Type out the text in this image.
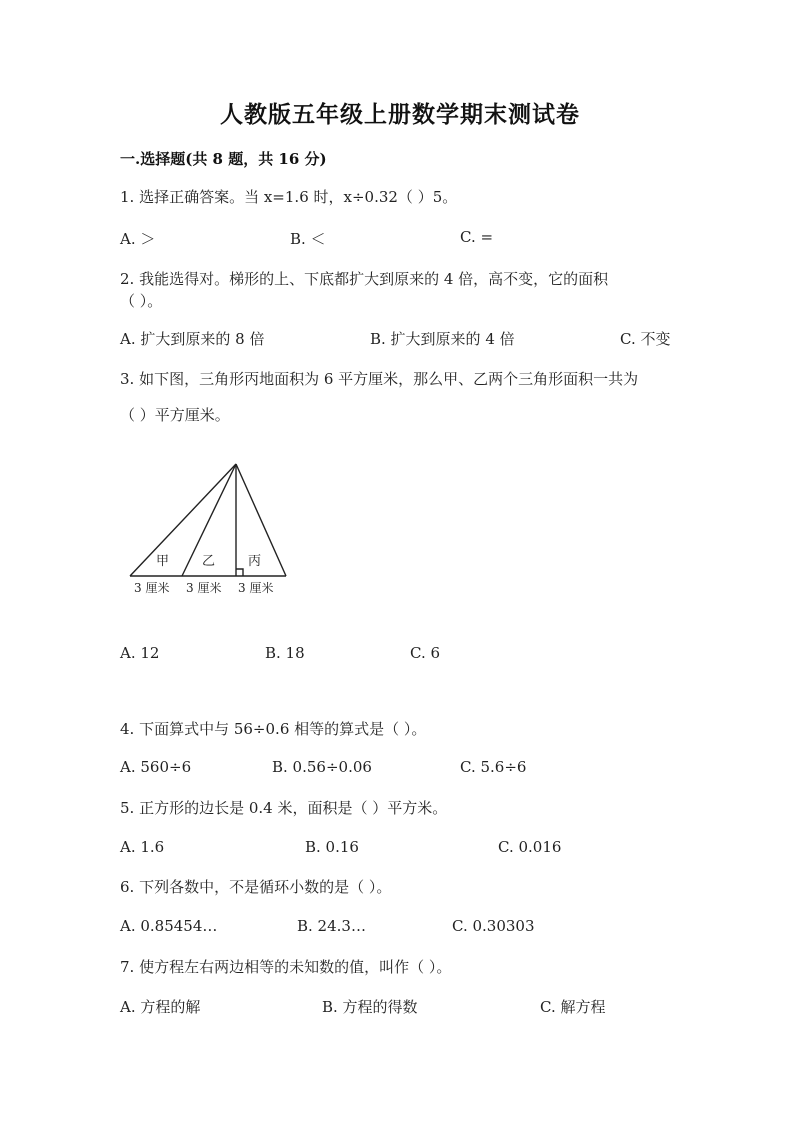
人教版五年级上册数学期末测试卷
一.选择题(共 8 题，共 16 分)
1. 选择正确答案。当 x=1.6 时，x÷0.32（ ）5。
A. ＞	B. ＜	C. =
2. 我能选得对。梯形的上、下底都扩大到原来的 4 倍，高不变，它的面积
（ ）。
A. 扩大到原来的 8 倍	B. 扩大到原来的 4 倍	C. 不变
3. 如下图，三角形丙地面积为 6 平方厘米，那么甲、乙两个三角形面积一共为
（ ）平方厘米。
甲	乙	丙
3 厘米 3 厘米 3 厘米
A. 12	B. 18	C. 6
4. 下面算式中与 56÷0.6 相等的算式是（ ）。
A. 560÷6	B. 0.56÷0.06	C. 5.6÷6
5. 正方形的边长是 0.4 米，面积是（ ）平方米。
A. 1.6	B. 0.16	C. 0.016
6. 下列各数中，不是循环小数的是（ ）。
A. 0.85454…	B. 24.3…	C. 0.30303
7. 使方程左右两边相等的未知数的值，叫作（ ）。
A. 方程的解	B. 方程的得数	C. 解方程
